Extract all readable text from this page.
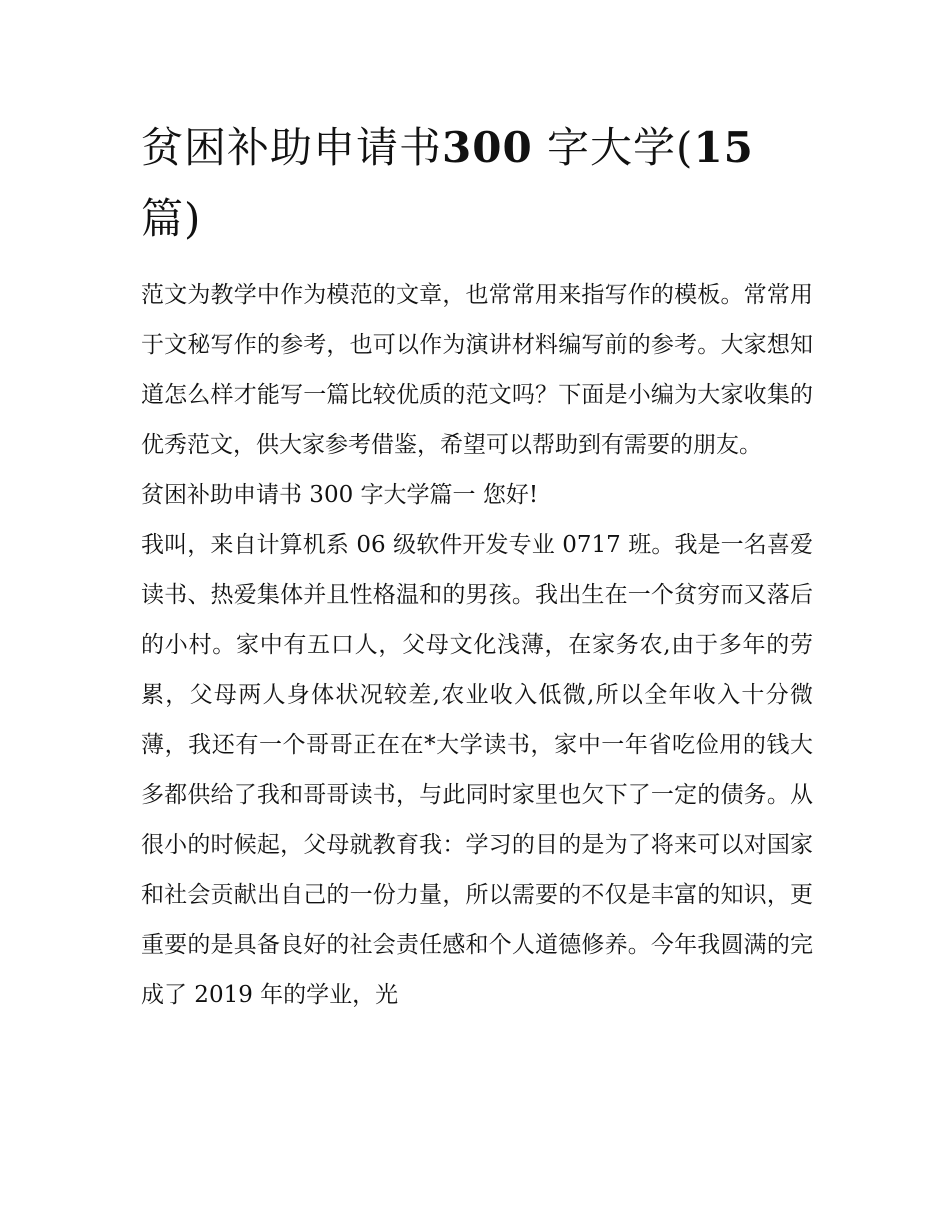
贫困补助申请书300 字大学(15
篇)

范文为教学中作为模范的文章，也常常用来指写作的模板。常常用于文秘写作的参考，也可以作为演讲材料编写前的参考。大家想知道怎么样才能写一篇比较优质的范文吗？下面是小编为大家收集的优秀范文，供大家参考借鉴，希望可以帮助到有需要的朋友。

贫困补助申请书 300 字大学篇一 您好!

我叫，来自计算机系 06 级软件开发专业 0717 班。我是一名喜爱读书、热爱集体并且性格温和的男孩。我出生在一个贫穷而又落后的小村。家中有五口人，父母文化浅薄，在家务农,由于多年的劳累，父母两人身体状况较差,农业收入低微,所以全年收入十分微薄，我还有一个哥哥正在在*大学读书，家中一年省吃俭用的钱大多都供给了我和哥哥读书，与此同时家里也欠下了一定的债务。从很小的时候起，父母就教育我：学习的目的是为了将来可以对国家和社会贡献出自己的一份力量，所以需要的不仅是丰富的知识，更重要的是具备良好的社会责任感和个人道德修养。今年我圆满的完成了 2019 年的学业，光
